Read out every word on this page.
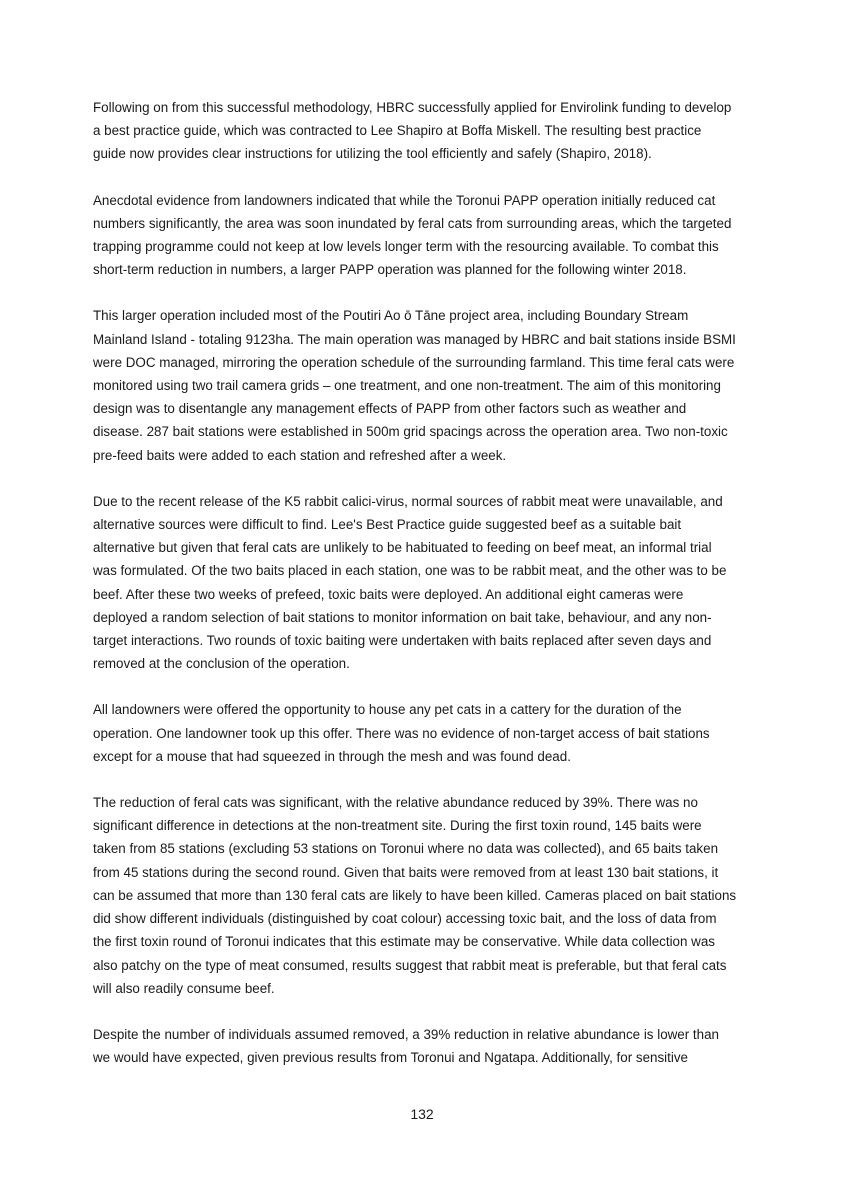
Following on from this successful methodology, HBRC successfully applied for Envirolink funding to develop
a best practice guide, which was contracted to Lee Shapiro at Boffa Miskell. The resulting best practice
guide now provides clear instructions for utilizing the tool efficiently and safely (Shapiro, 2018).

Anecdotal evidence from landowners indicated that while the Toronui PAPP operation initially reduced cat
numbers significantly, the area was soon inundated by feral cats from surrounding areas, which the targeted
trapping programme could not keep at low levels longer term with the resourcing available. To combat this
short-term reduction in numbers, a larger PAPP operation was planned for the following winter 2018.

This larger operation included most of the Poutiri Ao ō Tāne project area, including Boundary Stream
Mainland Island - totaling 9123ha. The main operation was managed by HBRC and bait stations inside BSMI
were DOC managed, mirroring the operation schedule of the surrounding farmland. This time feral cats were
monitored using two trail camera grids – one treatment, and one non-treatment. The aim of this monitoring
design was to disentangle any management effects of PAPP from other factors such as weather and
disease. 287 bait stations were established in 500m grid spacings across the operation area. Two non-toxic
pre-feed baits were added to each station and refreshed after a week.

Due to the recent release of the K5 rabbit calici-virus, normal sources of rabbit meat were unavailable, and
alternative sources were difficult to find. Lee's Best Practice guide suggested beef as a suitable bait
alternative but given that feral cats are unlikely to be habituated to feeding on beef meat, an informal trial
was formulated. Of the two baits placed in each station, one was to be rabbit meat, and the other was to be
beef. After these two weeks of prefeed, toxic baits were deployed. An additional eight cameras were
deployed a random selection of bait stations to monitor information on bait take, behaviour, and any non-
target interactions. Two rounds of toxic baiting were undertaken with baits replaced after seven days and
removed at the conclusion of the operation.

All landowners were offered the opportunity to house any pet cats in a cattery for the duration of the
operation. One landowner took up this offer. There was no evidence of non-target access of bait stations
except for a mouse that had squeezed in through the mesh and was found dead.

The reduction of feral cats was significant, with the relative abundance reduced by 39%. There was no
significant difference in detections at the non-treatment site. During the first toxin round, 145 baits were
taken from 85 stations (excluding 53 stations on Toronui where no data was collected), and 65 baits taken
from 45 stations during the second round. Given that baits were removed from at least 130 bait stations, it
can be assumed that more than 130 feral cats are likely to have been killed. Cameras placed on bait stations
did show different individuals (distinguished by coat colour) accessing toxic bait, and the loss of data from
the first toxin round of Toronui indicates that this estimate may be conservative. While data collection was
also patchy on the type of meat consumed, results suggest that rabbit meat is preferable, but that feral cats
will also readily consume beef.

Despite the number of individuals assumed removed, a 39% reduction in relative abundance is lower than
we would have expected, given previous results from Toronui and Ngatapa. Additionally, for sensitive

132
